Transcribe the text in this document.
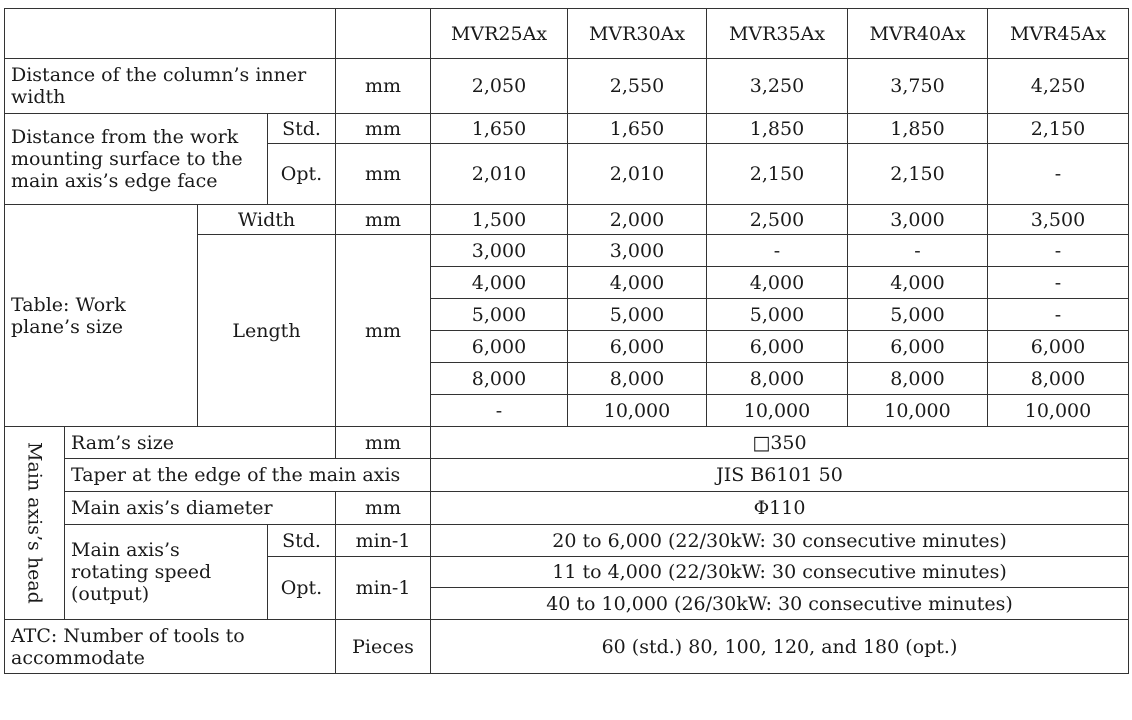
					MVR25Ax	MVR30Ax	MVR35Ax	MVR40Ax	MVR45Ax
Distance of the column’s inner width				mm	2,050	2,550	3,250	3,750	4,250
Distance from the work mounting surface to the main axis’s edge face			Std.	mm	1,650	1,650	1,850	1,850	2,150
			Opt.	mm	2,010	2,010	2,150	2,150	-
Table: Work plane’s size		Width		mm	1,500	2,000	2,500	3,000	3,500
		Length		mm	3,000	3,000	-	-	-
					4,000	4,000	4,000	4,000	-
					5,000	5,000	5,000	5,000	-
					6,000	6,000	6,000	6,000	6,000
					8,000	8,000	8,000	8,000	8,000
					-	10,000	10,000	10,000	10,000
Main axis’s head	Ram’s size			mm	□350				
	Taper at the edge of the main axis				JIS B6101 50				
	Main axis’s diameter			mm	Φ110				
	Main axis’s rotating speed (output)		Std.	min-1	20 to 6,000 (22/30kW: 30 consecutive minutes)				
			Opt.	min-1	11 to 4,000 (22/30kW: 30 consecutive minutes)				
					40 to 10,000 (26/30kW: 30 consecutive minutes)				
ATC: Number of tools to accommodate				Pieces	60 (std.) 80, 100, 120, and 180 (opt.)				
